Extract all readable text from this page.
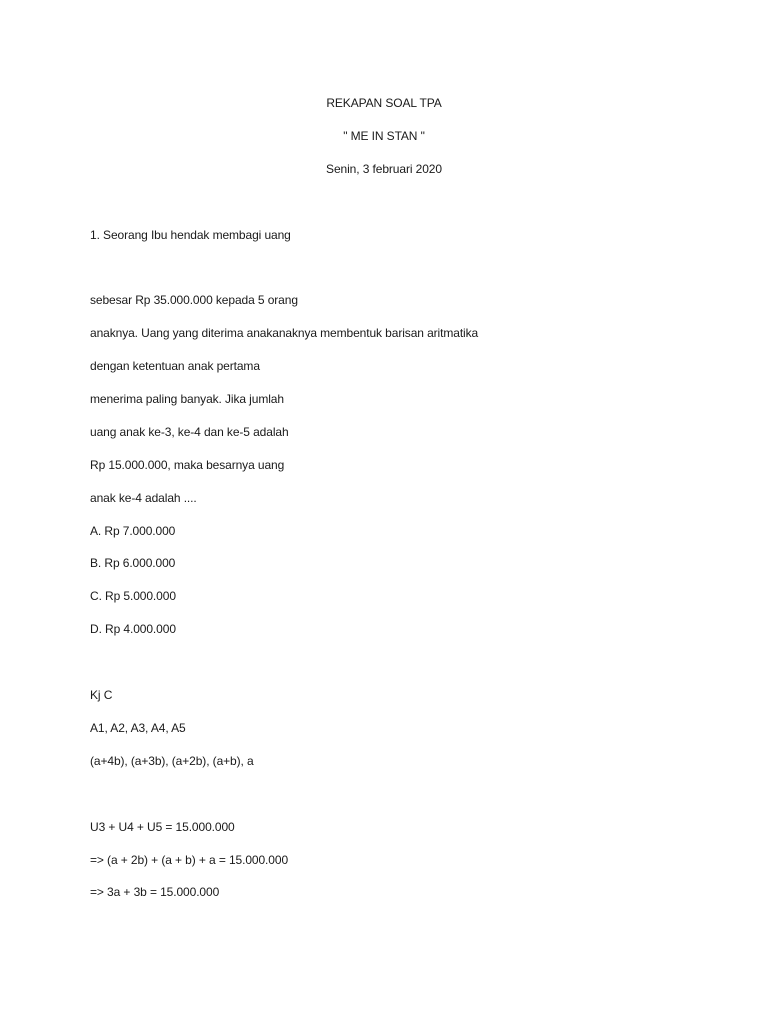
REKAPAN SOAL TPA
" ME IN STAN "
Senin, 3 februari 2020
1. Seorang Ibu hendak membagi uang
sebesar Rp 35.000.000 kepada 5 orang
anaknya. Uang yang diterima anakanaknya membentuk barisan aritmatika
dengan ketentuan anak pertama
menerima paling banyak. Jika jumlah
uang anak ke-3, ke-4 dan ke-5 adalah
Rp 15.000.000, maka besarnya uang
anak ke-4 adalah ....
A. Rp 7.000.000
B. Rp 6.000.000
C. Rp 5.000.000
D. Rp 4.000.000
Kj C
A1, A2, A3, A4, A5
(a+4b), (a+3b), (a+2b), (a+b), a
U3 + U4 + U5 = 15.000.000
=> (a + 2b) + (a + b) + a = 15.000.000
=> 3a + 3b = 15.000.000
